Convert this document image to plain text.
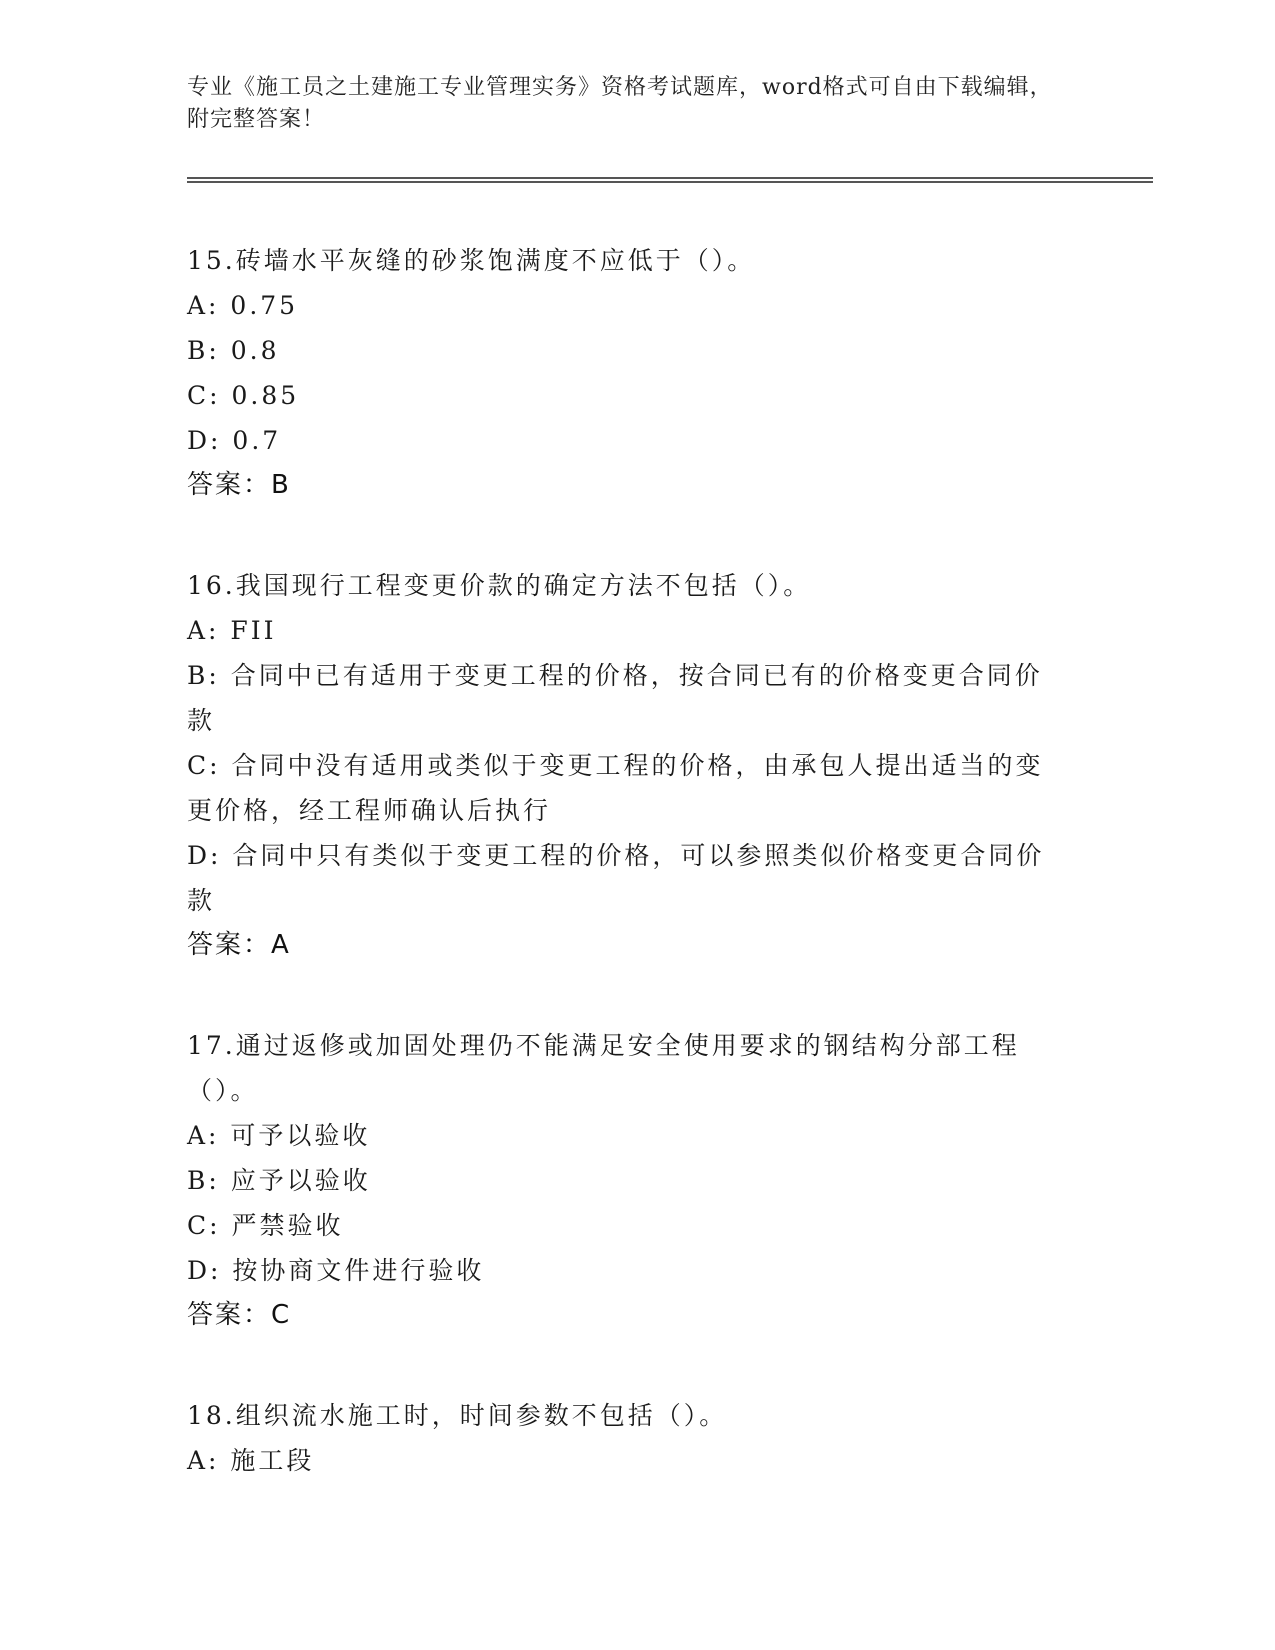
专业《施工员之土建施工专业管理实务》资格考试题库，word格式可自由下载编辑，附完整答案！
15.砖墙水平灰缝的砂浆饱满度不应低于（）。
A: 0.75
B: 0.8
C: 0.85
D: 0.7
答案：B
16.我国现行工程变更价款的确定方法不包括（）。
A: FII
B: 合同中已有适用于变更工程的价格，按合同已有的价格变更合同价款
C: 合同中没有适用或类似于变更工程的价格，由承包人提出适当的变更价格，经工程师确认后执行
D: 合同中只有类似于变更工程的价格，可以参照类似价格变更合同价款
答案：A
17.通过返修或加固处理仍不能满足安全使用要求的钢结构分部工程（）。
A: 可予以验收
B: 应予以验收
C: 严禁验收
D: 按协商文件进行验收
答案：C
18.组织流水施工时，时间参数不包括（）。
A: 施工段
